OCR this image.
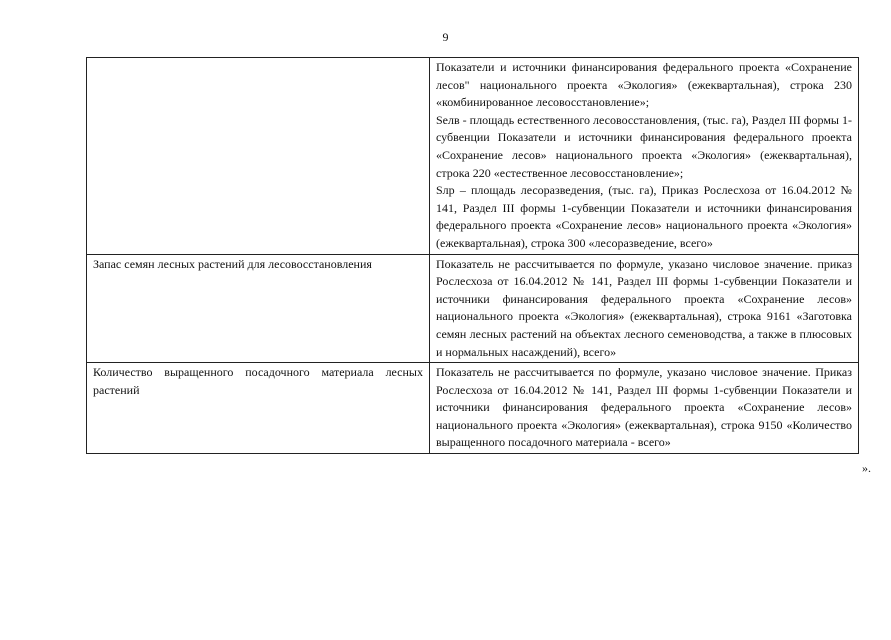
9

	Показатели и источники финансирования федерального проекта «Сохранение лесов" национального проекта «Экология» (ежеквартальная), строка 230 «комбинированное лесовосстановление»;
Seлв - площадь естественного лесовосстановления, (тыс. га), Раздел III формы 1-субвенции Показатели и источники финансирования федерального проекта «Сохранение лесов» национального проекта «Экология» (ежеквартальная), строка 220 «естественное лесовосстановление»;
Sлр – площадь лесоразведения, (тыс. га), Приказ Рослесхоза от 16.04.2012 № 141, Раздел III формы 1-субвенции Показатели и источники финансирования федерального проекта «Сохранение лесов» национального проекта «Экология» (ежеквартальная), строка 300 «лесоразведение, всего»

Запас семян лесных растений для лесовосстановления	Показатель не рассчитывается по формуле, указано числовое значение. приказ Рослесхоза от 16.04.2012 № 141, Раздел III формы 1-субвенции Показатели и источники финансирования федерального проекта «Сохранение лесов» национального проекта «Экология» (ежеквартальная), строка 9161 «Заготовка семян лесных растений на объектах лесного семеноводства, а также в плюсовых и нормальных насаждений), всего»

Количество выращенного посадочного материала лесных растений	Показатель не рассчитывается по формуле, указано числовое значение. Приказ Рослесхоза от 16.04.2012 № 141, Раздел III формы 1-субвенции Показатели и источники финансирования федерального проекта «Сохранение лесов» национального проекта «Экология» (ежеквартальная), строка 9150 «Количество выращенного посадочного материала - всего»
».
